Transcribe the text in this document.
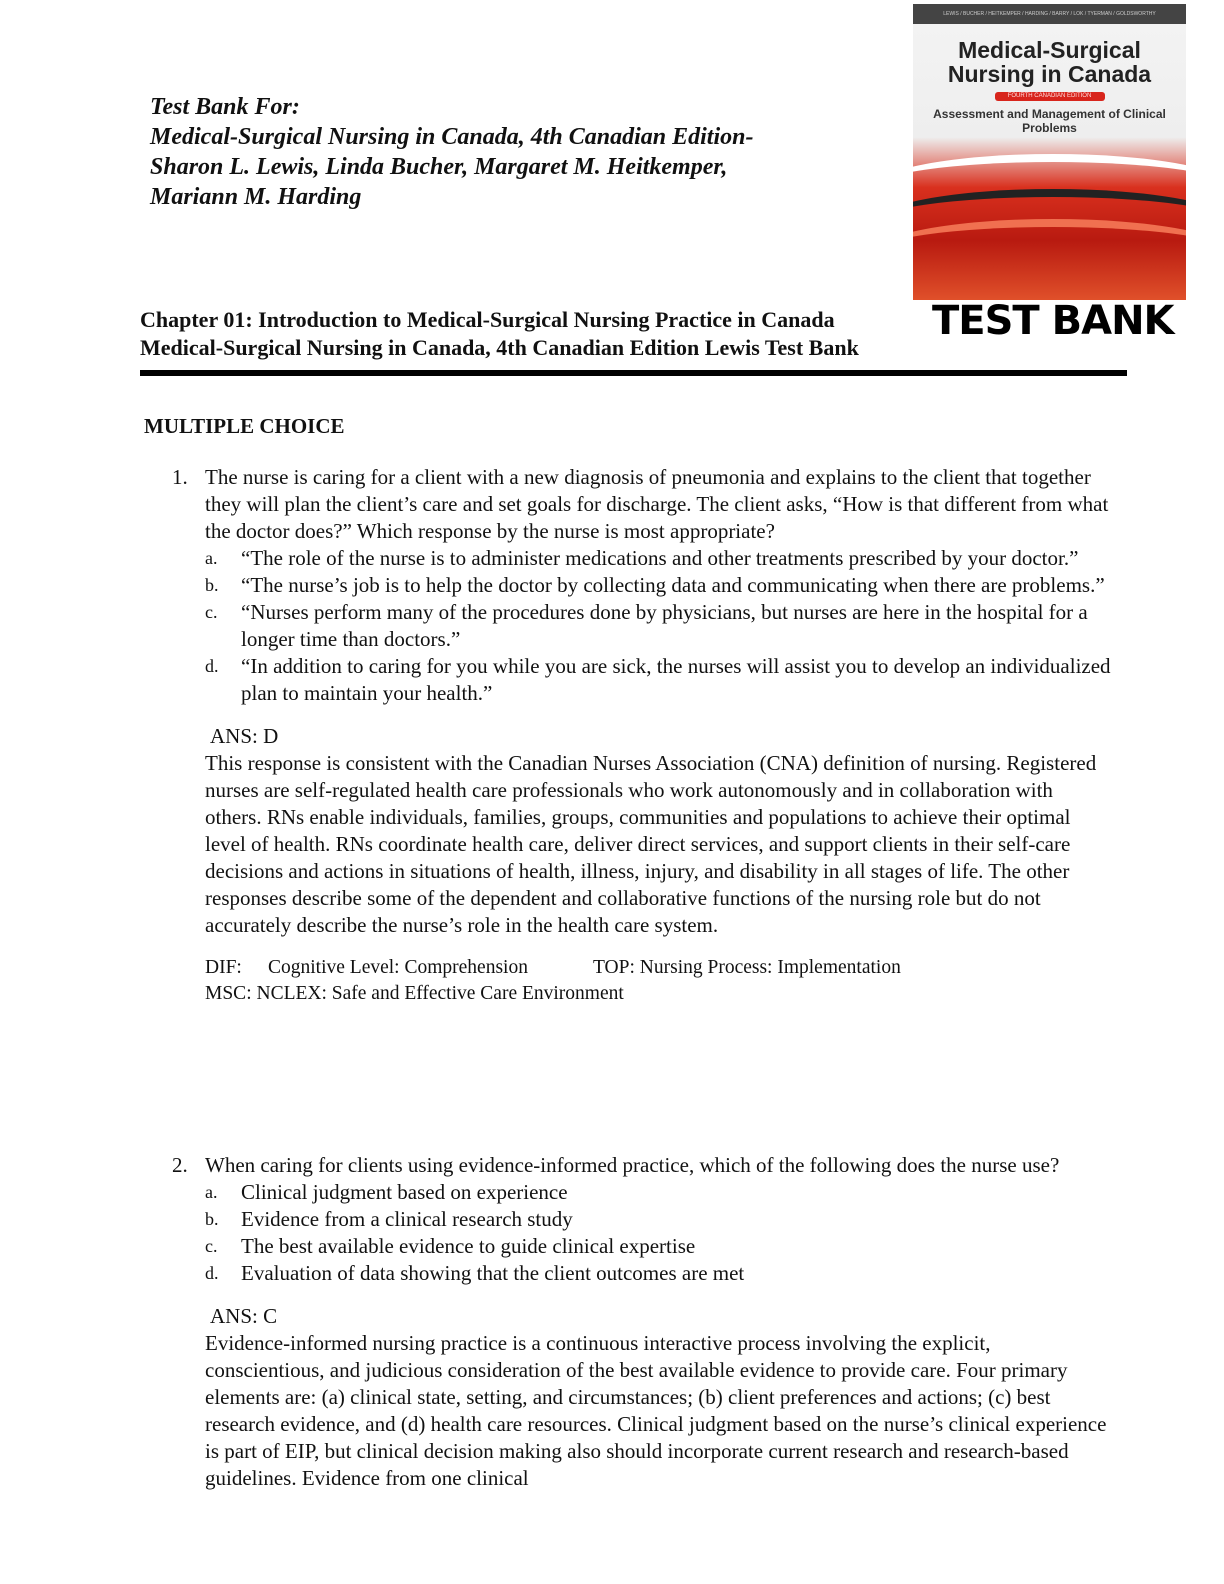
Test Bank For:
Medical-Surgical Nursing in Canada, 4th Canadian Edition-
Sharon L. Lewis, Linda Bucher, Margaret M. Heitkemper,
Mariann M. Harding
LEWIS / BUCHER / HEITKEMPER / HARDING / BARRY / LOK / TYERMAN / GOLDSWORTHY
Medical-Surgical Nursing in Canada
FOURTH CANADIAN EDITION
Assessment and Management of Clinical Problems
TEST BANK
Chapter 01: Introduction to Medical-Surgical Nursing Practice in Canada
Medical-Surgical Nursing in Canada, 4th Canadian Edition Lewis Test Bank
MULTIPLE CHOICE
1. The nurse is caring for a client with a new diagnosis of pneumonia and explains to the client that together they will plan the client’s care and set goals for discharge. The client asks, “How is that different from what the doctor does?” Which response by the nurse is most appropriate?
a. “The role of the nurse is to administer medications and other treatments prescribed by your doctor.”
b. “The nurse’s job is to help the doctor by collecting data and communicating when there are problems.”
c. “Nurses perform many of the procedures done by physicians, but nurses are here in the hospital for a longer time than doctors.”
d. “In addition to caring for you while you are sick, the nurses will assist you to develop an individualized plan to maintain your health.”
ANS: D
This response is consistent with the Canadian Nurses Association (CNA) definition of nursing. Registered nurses are self-regulated health care professionals who work autonomously and in collaboration with others. RNs enable individuals, families, groups, communities and populations to achieve their optimal level of health. RNs coordinate health care, deliver direct services, and support clients in their self-care decisions and actions in situations of health, illness, injury, and disability in all stages of life. The other responses describe some of the dependent and collaborative functions of the nursing role but do not accurately describe the nurse’s role in the health care system.
DIF: Cognitive Level: Comprehension	TOP: Nursing Process: Implementation
MSC: NCLEX: Safe and Effective Care Environment
2. When caring for clients using evidence-informed practice, which of the following does the nurse use?
a. Clinical judgment based on experience
b. Evidence from a clinical research study
c. The best available evidence to guide clinical expertise
d. Evaluation of data showing that the client outcomes are met
ANS: C
Evidence-informed nursing practice is a continuous interactive process involving the explicit, conscientious, and judicious consideration of the best available evidence to provide care. Four primary elements are: (a) clinical state, setting, and circumstances; (b) client preferences and actions; (c) best research evidence, and (d) health care resources. Clinical judgment based on the nurse’s clinical experience is part of EIP, but clinical decision making also should incorporate current research and research-based guidelines. Evidence from one clinical
